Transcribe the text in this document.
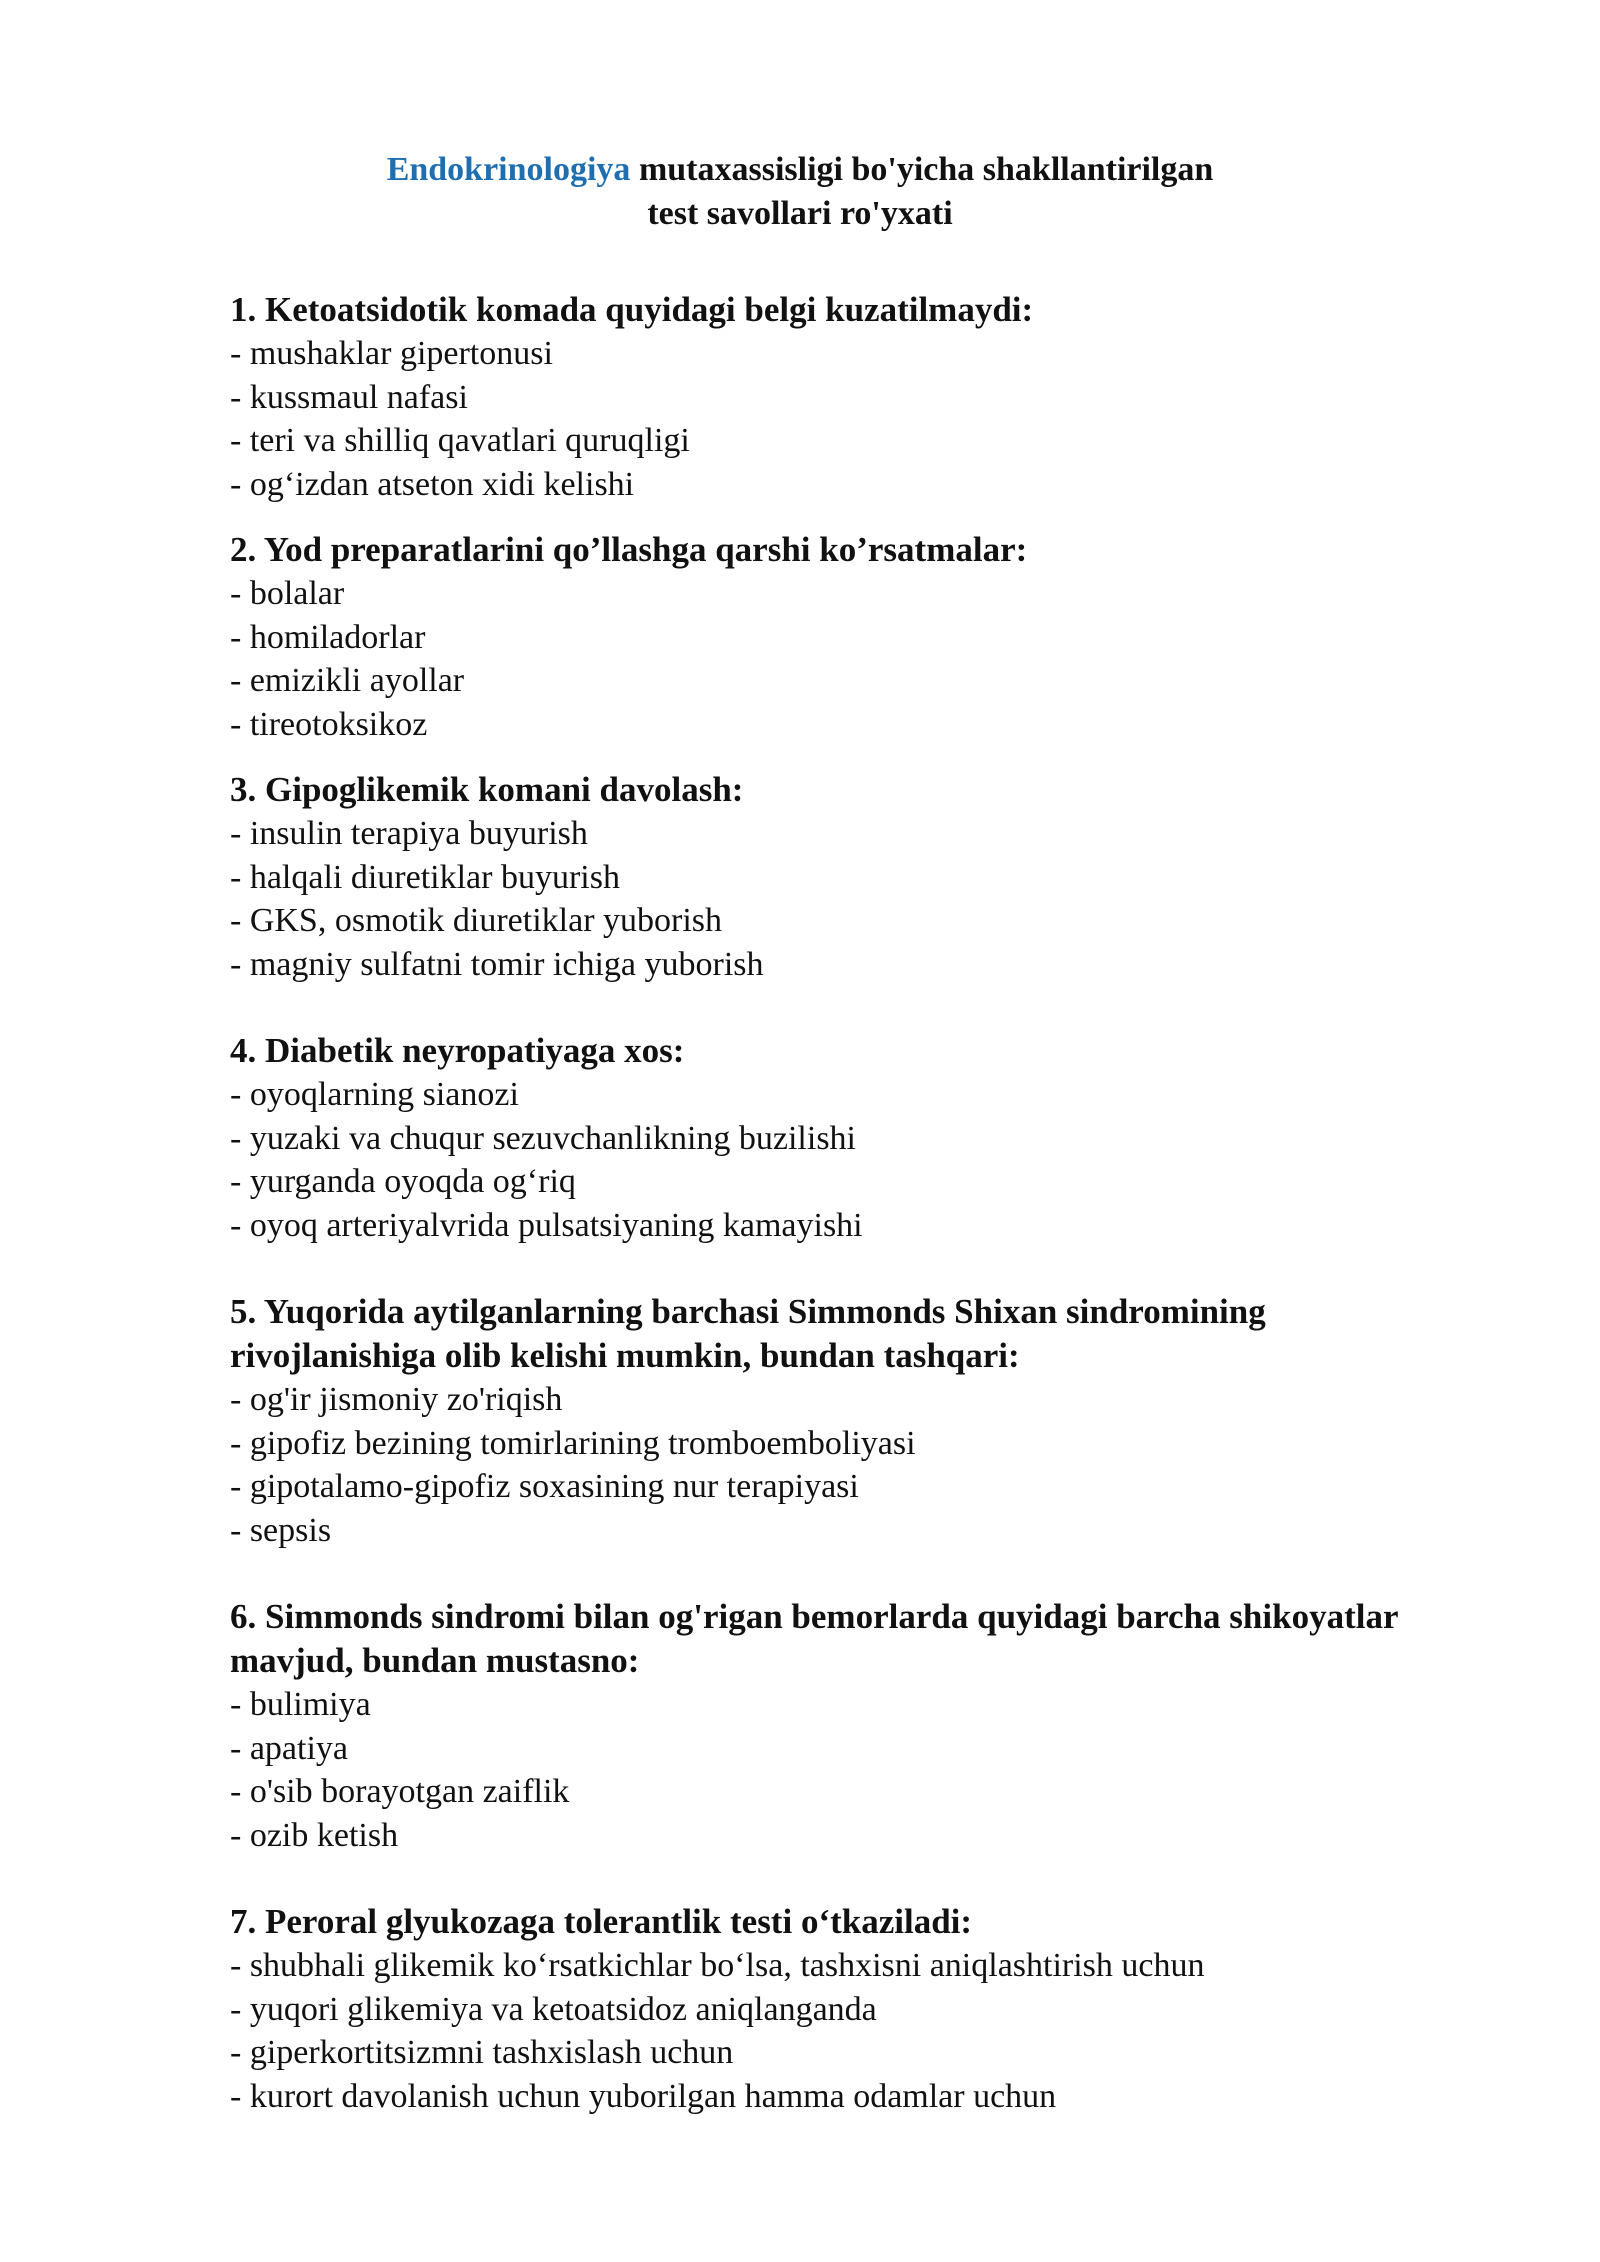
Endokrinologiya mutaxassisligi bo'yicha shakllantirilgan
test savollari ro'yxati

1. Ketoatsidotik komada quyidagi belgi kuzatilmaydi:

- mushaklar gipertonusi
- kussmaul nafasi
- teri va shilliq qavatlari quruqligi
- og‘izdan atseton xidi kelishi

2. Yod preparatlarini qo’llashga qarshi ko’rsatmalar:

- bolalar
- homiladorlar
- emizikli ayollar
- tireotoksikoz

3. Gipoglikemik komani davolash:

- insulin terapiya buyurish
- halqali diuretiklar buyurish
- GKS, osmotik diuretiklar yuborish
- magniy sulfatni tomir ichiga yuborish

4. Diabetik neyropatiyaga xos:

- oyoqlarning sianozi
- yuzaki va chuqur sezuvchanlikning buzilishi
- yurganda oyoqda og‘riq
- oyoq arteriyalvrida pulsatsiyaning kamayishi

5. Yuqorida aytilganlarning barchasi Simmonds Shixan sindromining rivojlanishiga olib kelishi mumkin, bundan tashqari:

- og'ir jismoniy zo'riqish
- gipofiz bezining tomirlarining tromboemboliyasi
- gipotalamo-gipofiz soxasining nur terapiyasi
- sepsis

6. Simmonds sindromi bilan og'rigan bemorlarda quyidagi barcha shikoyatlar mavjud, bundan mustasno:

- bulimiya
- apatiya
- o'sib borayotgan zaiflik
- ozib ketish

7. Peroral glyukozaga tolerantlik testi o‘tkaziladi:

- shubhali glikemik ko‘rsatkichlar bo‘lsa, tashxisni aniqlashtirish uchun
- yuqori glikemiya va ketoatsidoz aniqlanganda
- giperkortitsizmni tashxislash uchun
- kurort davolanish uchun yuborilgan hamma odamlar uchun
